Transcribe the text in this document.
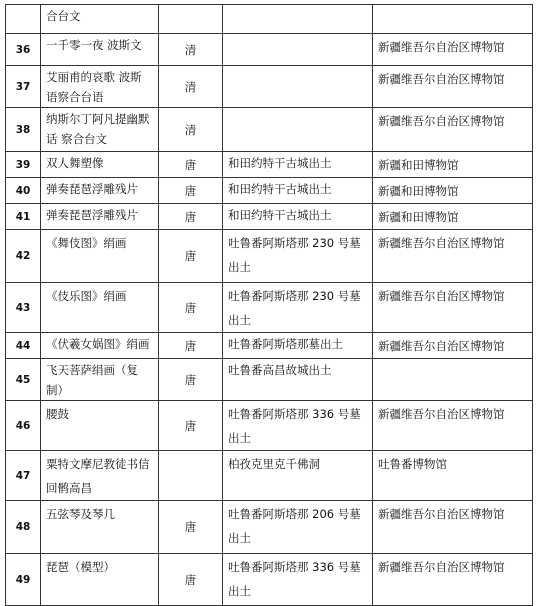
	合台文			
36	一千零一夜 波斯文	清		新疆维吾尔自治区博物馆
37	艾丽甫的哀歌 波斯语察合台语	清		新疆维吾尔自治区博物馆
38	纳斯尔丁阿凡提幽默话 察合台文	清		新疆维吾尔自治区博物馆
39	双人舞塑像	唐	和田约特干古城出土	新疆和田博物馆
40	弹奏琵琶浮雕残片	唐	和田约特干古城出土	新疆和田博物馆
41	弹奏琵琶浮雕残片	唐	和田约特干古城出土	新疆和田博物馆
42	《舞伎图》绢画	唐	吐鲁番阿斯塔那 230 号墓出土	新疆维吾尔自治区博物馆
43	《伎乐图》绢画	唐	吐鲁番阿斯塔那 230 号墓出土	新疆维吾尔自治区博物馆
44	《伏羲女娲图》绢画	唐	吐鲁番阿斯塔那墓出土	新疆维吾尔自治区博物馆
45	飞天菩萨绢画（复制）	唐	吐鲁番高昌故城出土	
46	腰鼓	唐	吐鲁番阿斯塔那 336 号墓出土	新疆维吾尔自治区博物馆
47	粟特文摩尼教徒书信回鹘高昌		柏孜克里克千佛洞	吐鲁番博物馆
48	五弦琴及琴几	唐	吐鲁番阿斯塔那 206 号墓出土	新疆维吾尔自治区博物馆
49	琵琶（模型）	唐	吐鲁番阿斯塔那 336 号墓出土	新疆维吾尔自治区博物馆
